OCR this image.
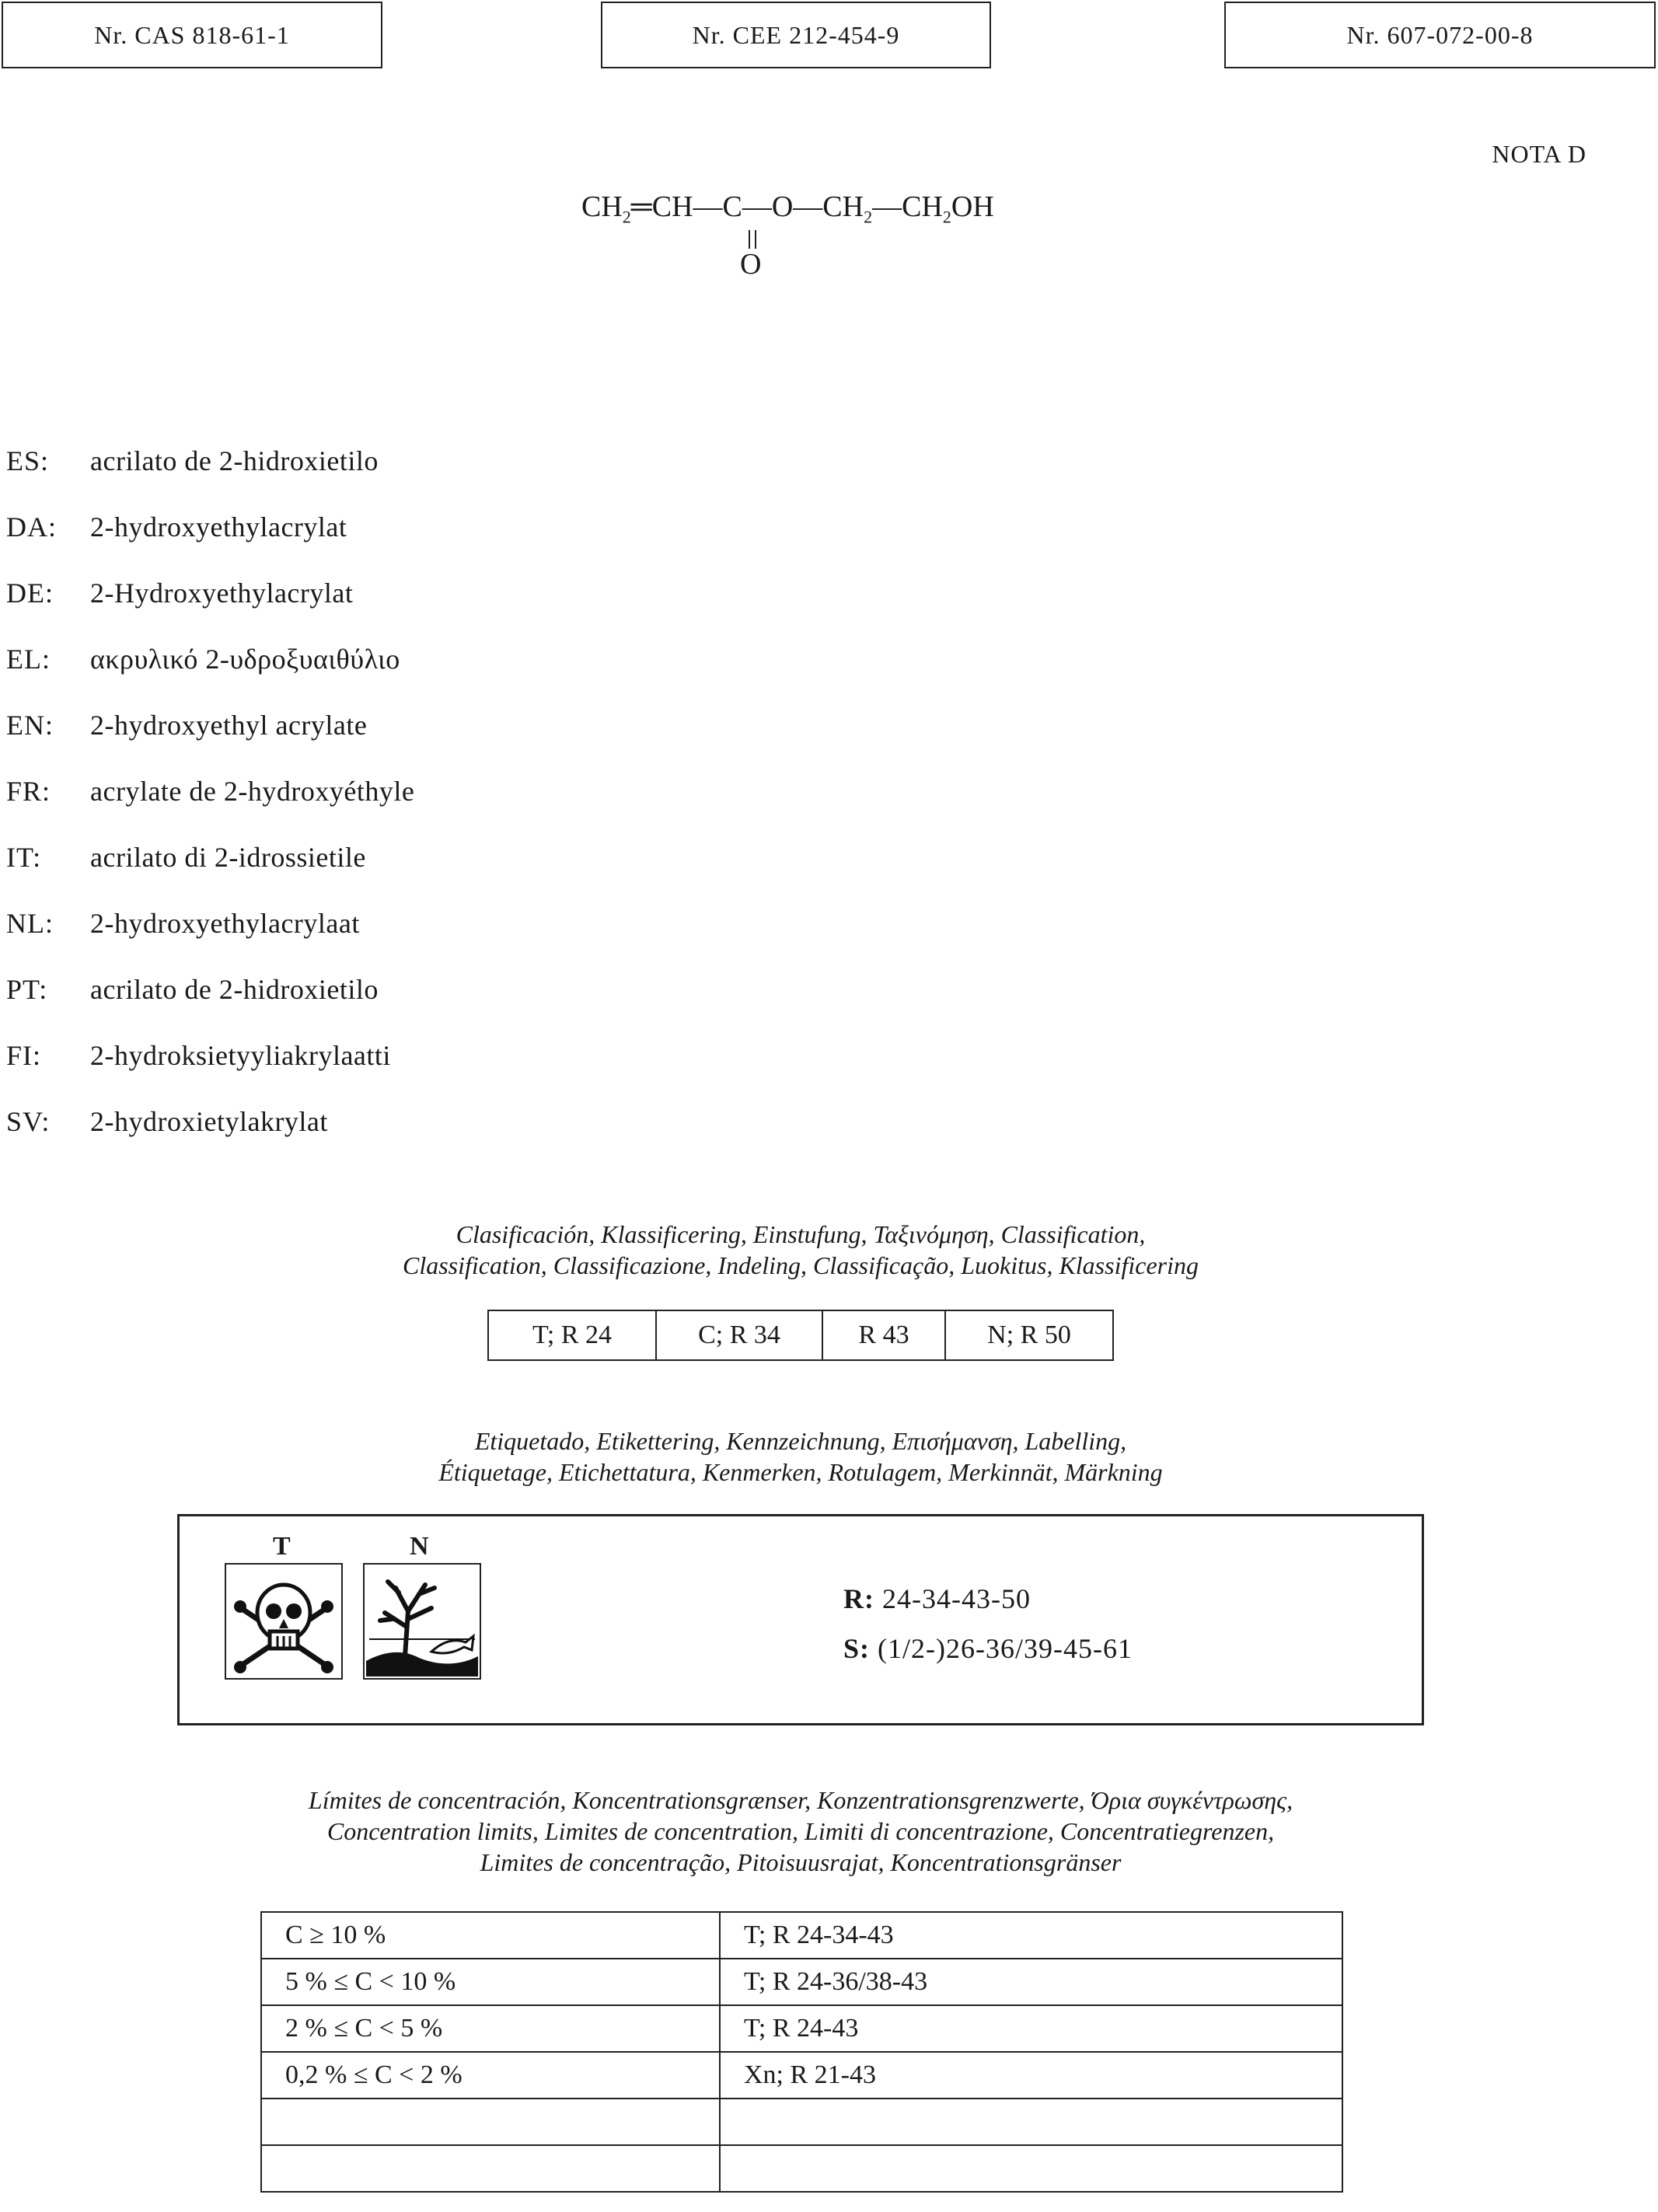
Nr. CAS 818-61-1	Nr. CEE 212-454-9	Nr. 607-072-00-8
NOTA D
$CH_2═CH—C—O—CH_2—CH_2OH$
O
ES:	acrilato de 2-hidroxietilo
DA:	2-hydroxyethylacrylat
DE:	2-Hydroxyethylacrylat
EL:	ακρυλικό 2-υδροξυαιθύλιο
EN:	2-hydroxyethyl acrylate
FR:	acrylate de 2-hydroxyéthyle
IT:	acrilato di 2-idrossietile
NL:	2-hydroxyethylacrylaat
PT:	acrilato de 2-hidroxietilo
FI:	2-hydroksietyyliakrylaatti
SV:	2-hydroxietylakrylat
Clasificación, Klassificering, Einstufung, Ταξινόμηση, Classification,
Classification, Classificazione, Indeling, Classificação, Luokitus, Klassificering
T; R 24	C; R 34	R 43	N; R 50
Etiquetado, Etikettering, Kennzeichnung, Επισήμανση, Labelling,
Étiquetage, Etichettatura, Kenmerken, Rotulagem, Merkinnät, Märkning
T	N
R: 24-34-43-50
S: (1/2-)26-36/39-45-61
Límites de concentración, Koncentrationsgrænser, Konzentrationsgrenzwerte, Όρια συγκέντρωσης,
Concentration limits, Limites de concentration, Limiti di concentrazione, Concentratiegrenzen,
Limites de concentração, Pitoisuusrajat, Koncentrationsgränser
C ≥ 10 %	T; R 24-34-43
5 % ≤ C < 10 %	T; R 24-36/38-43
2 % ≤ C < 5 %	T; R 24-43
0,2 % ≤ C < 2 %	Xn; R 21-43
